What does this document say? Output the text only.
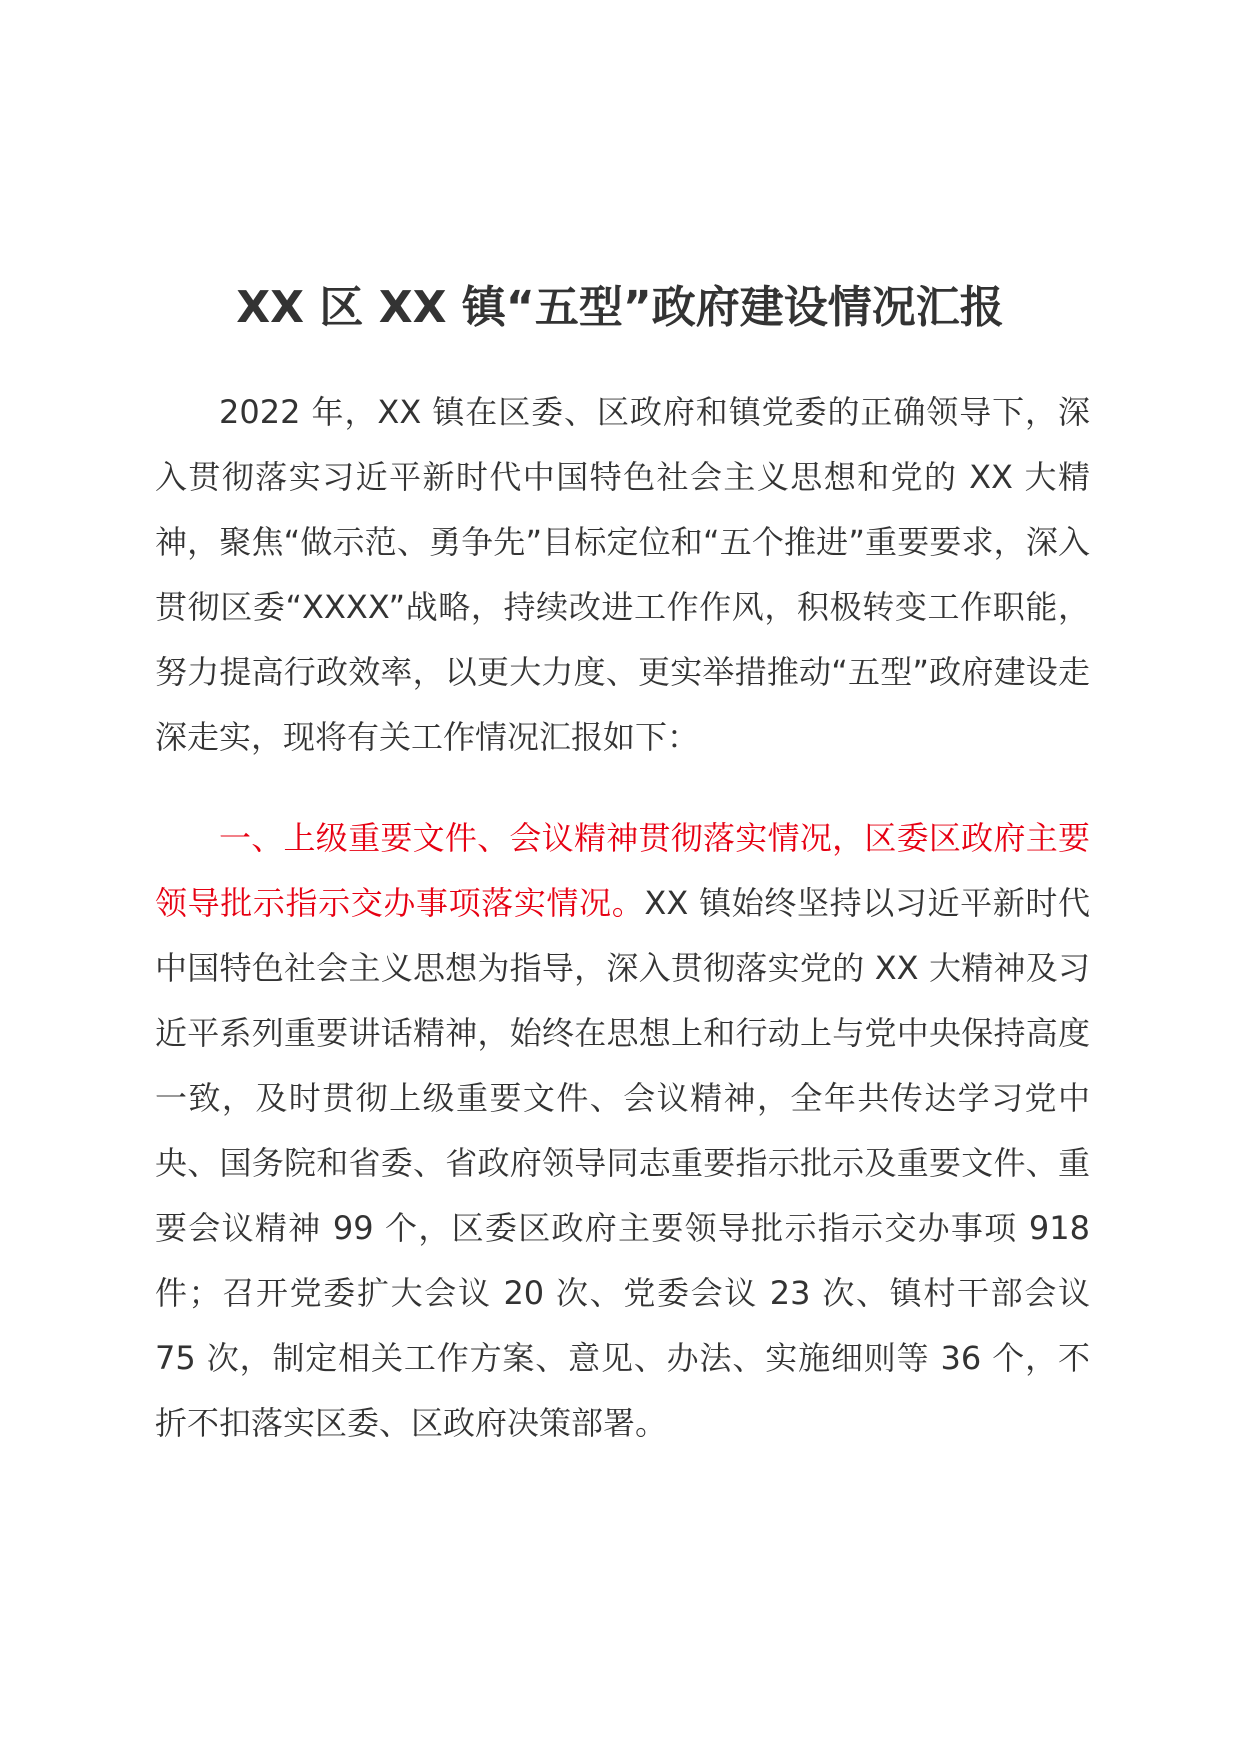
XX 区 XX 镇“五型”政府建设情况汇报

2022 年，XX 镇在区委、区政府和镇党委的正确领导下，深入贯彻落实习近平新时代中国特色社会主义思想和党的 XX 大精神，聚焦“做示范、勇争先”目标定位和“五个推进”重要要求，深入贯彻区委“XXXX”战略，持续改进工作作风，积极转变工作职能，努力提高行政效率，以更大力度、更实举措推动“五型”政府建设走深走实，现将有关工作情况汇报如下：

一、上级重要文件、会议精神贯彻落实情况，区委区政府主要领导批示指示交办事项落实情况。XX 镇始终坚持以习近平新时代中国特色社会主义思想为指导，深入贯彻落实党的 XX 大精神及习近平系列重要讲话精神，始终在思想上和行动上与党中央保持高度一致，及时贯彻上级重要文件、会议精神，全年共传达学习党中央、国务院和省委、省政府领导同志重要指示批示及重要文件、重要会议精神 99 个，区委区政府主要领导批示指示交办事项 918 件；召开党委扩大会议 20 次、党委会议 23 次、镇村干部会议 75 次，制定相关工作方案、意见、办法、实施细则等 36 个，不折不扣落实区委、区政府决策部署。
